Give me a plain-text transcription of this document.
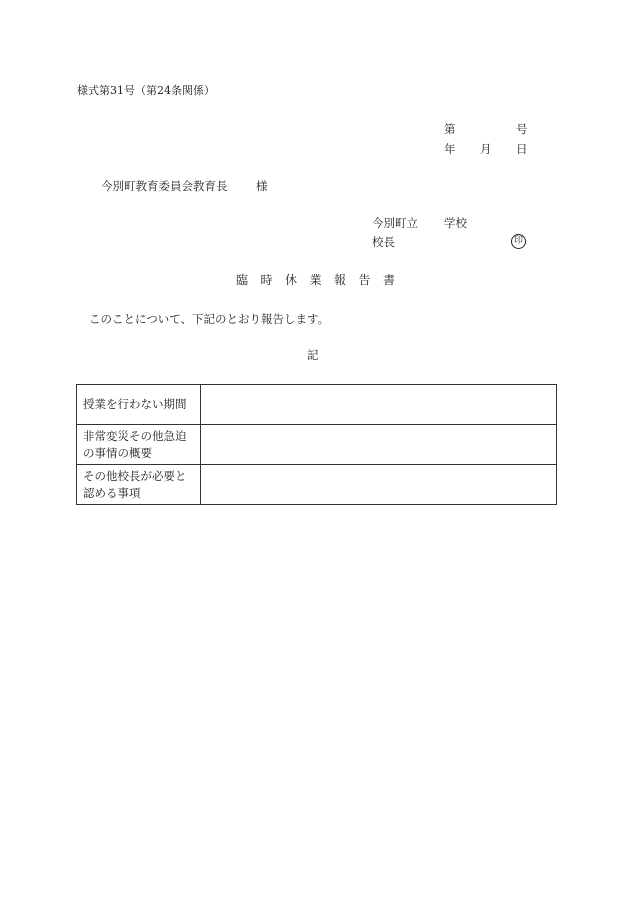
様式第31号（第24条関係）
第	号
年 月 日
今別町教育委員会教育長 様
今別町立 学校
校長	印
臨時休業報告書
このことについて、下記のとおり報告します。
記
授業を行わない期間	
非常変災その他急迫の事情の概要	
その他校長が必要と認める事項	
